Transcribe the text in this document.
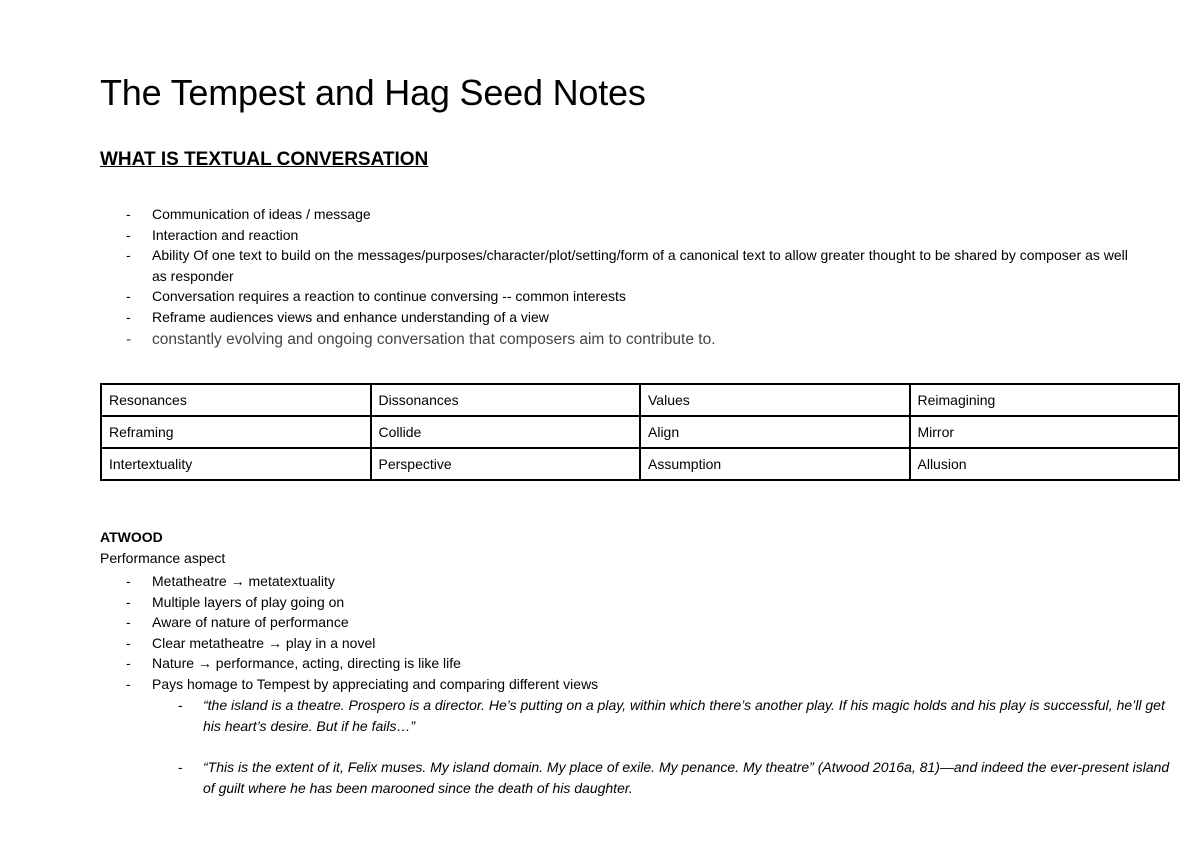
The Tempest and Hag Seed Notes
WHAT IS TEXTUAL CONVERSATION
- Communication of ideas / message
- Interaction and reaction
- Ability Of one text to build on the messages/purposes/character/plot/setting/form of a canonical text to allow greater thought to be shared by composer as well as responder
- Conversation requires a reaction to continue conversing -- common interests
- Reframe audiences views and enhance understanding of a view
- constantly evolving and ongoing conversation that composers aim to contribute to.
Resonances	Dissonances	Values	Reimagining
Reframing	Collide	Align	Mirror
Intertextuality	Perspective	Assumption	Allusion
ATWOOD
Performance aspect
- Metatheatre → metatextuality
- Multiple layers of play going on
- Aware of nature of performance
- Clear metatheatre → play in a novel
- Nature → performance, acting, directing is like life
- Pays homage to Tempest by appreciating and comparing different views
- “the island is a theatre. Prospero is a director. He’s putting on a play, within which there’s another play. If his magic holds and his play is successful, he’ll get his heart’s desire. But if he fails…”
- “This is the extent of it, Felix muses. My island domain. My place of exile. My penance. My theatre” (Atwood 2016a, 81)—and indeed the ever-present island of guilt where he has been marooned since the death of his daughter.
